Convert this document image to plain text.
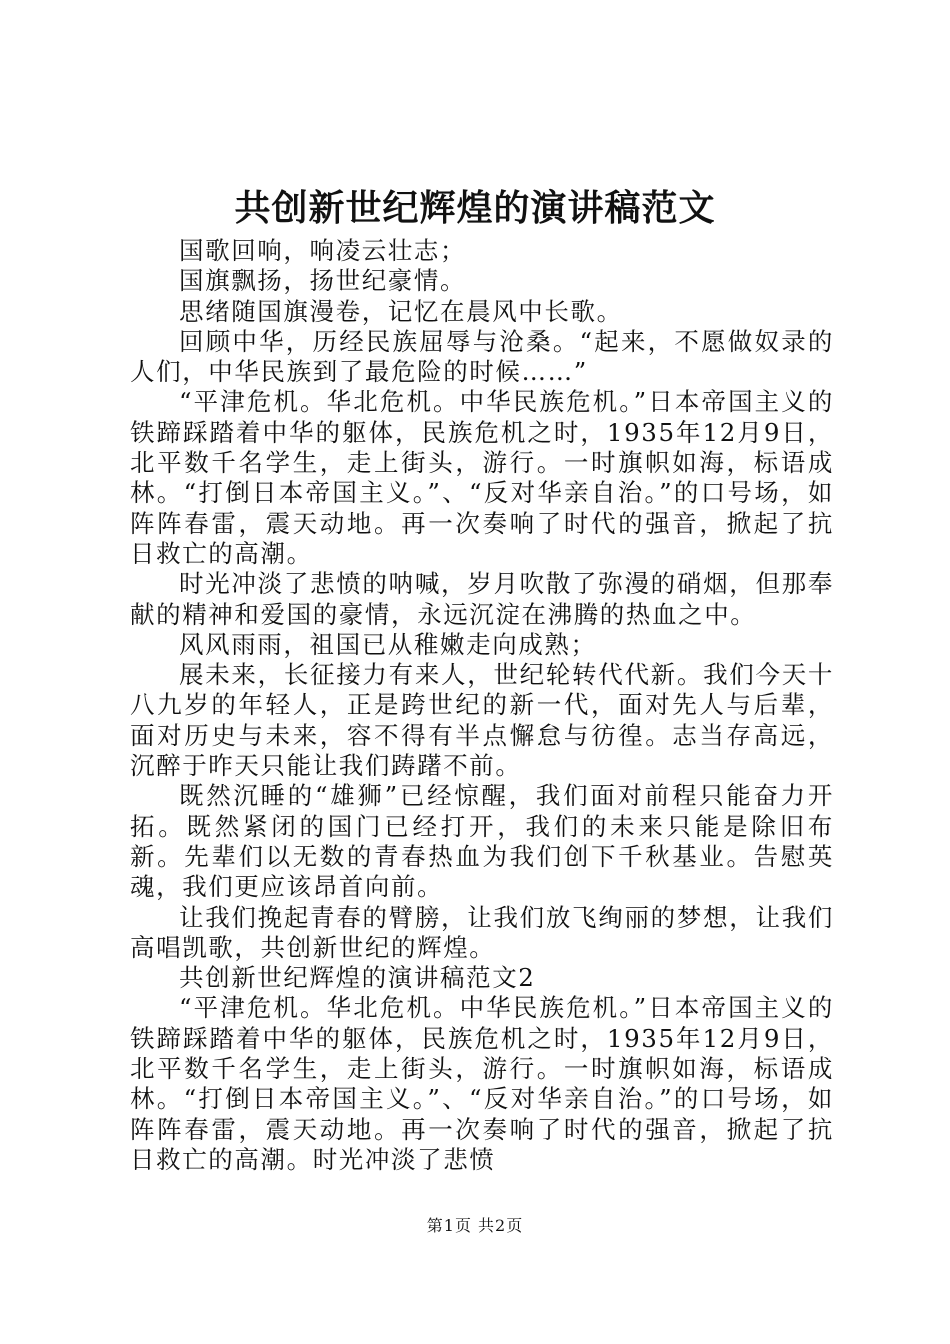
共创新世纪辉煌的演讲稿范文

国歌回响，响凌云壮志；

国旗飘扬，扬世纪豪情。

思绪随国旗漫卷，记忆在晨风中长歌。

回顾中华，历经民族屈辱与沧桑。“起来，不愿做奴录的人们，中华民族到了最危险的时候……”

“平津危机。华北危机。中华民族危机。”日本帝国主义的铁蹄踩踏着中华的躯体，民族危机之时，1935年12月9日，北平数千名学生，走上街头，游行。一时旗帜如海，标语成林。“打倒日本帝国主义。”、“反对华亲自治。”的口号场，如阵阵春雷，震天动地。再一次奏响了时代的强音，掀起了抗日救亡的高潮。

时光冲淡了悲愤的呐喊，岁月吹散了弥漫的硝烟，但那奉献的精神和爱国的豪情，永远沉淀在沸腾的热血之中。

风风雨雨，祖国已从稚嫩走向成熟；

展未来，长征接力有来人，世纪轮转代代新。我们今天十八九岁的年轻人，正是跨世纪的新一代，面对先人与后辈，面对历史与未来，容不得有半点懈怠与彷徨。志当存高远，沉醉于昨天只能让我们踌躇不前。

既然沉睡的“雄狮”已经惊醒，我们面对前程只能奋力开拓。既然紧闭的国门已经打开，我们的未来只能是除旧布新。先辈们以无数的青春热血为我们创下千秋基业。告慰英魂，我们更应该昂首向前。

让我们挽起青春的臂膀，让我们放飞绚丽的梦想，让我们高唱凯歌，共创新世纪的辉煌。

共创新世纪辉煌的演讲稿范文2

“平津危机。华北危机。中华民族危机。”日本帝国主义的铁蹄踩踏着中华的躯体，民族危机之时，1935年12月9日，北平数千名学生，走上街头，游行。一时旗帜如海，标语成林。“打倒日本帝国主义。”、“反对华亲自治。”的口号场，如阵阵春雷，震天动地。再一次奏响了时代的强音，掀起了抗日救亡的高潮。时光冲淡了悲愤

第1页 共2页
